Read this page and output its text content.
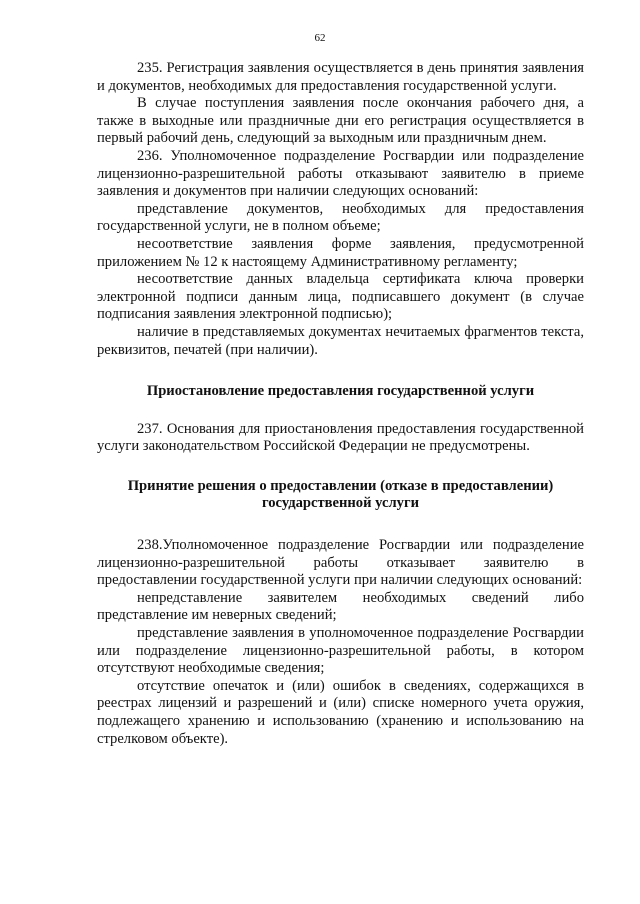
62

235. Регистрация заявления осуществляется в день принятия заявления и документов, необходимых для предоставления государственной услуги.

В случае поступления заявления после окончания рабочего дня, а также в выходные или праздничные дни его регистрация осуществляется в первый рабочий день, следующий за выходным или праздничным днем.

236. Уполномоченное подразделение Росгвардии или подразделение лицензионно-разрешительной работы отказывают заявителю в приеме заявления и документов при наличии следующих оснований:

представление документов, необходимых для предоставления государственной услуги, не в полном объеме;

несоответствие заявления форме заявления, предусмотренной приложением № 12 к настоящему Административному регламенту;

несоответствие данных владельца сертификата ключа проверки электронной подписи данным лица, подписавшего документ (в случае подписания заявления электронной подписью);

наличие в представляемых документах нечитаемых фрагментов текста, реквизитов, печатей (при наличии).

Приостановление предоставления государственной услуги

237. Основания для приостановления предоставления государственной услуги законодательством Российской Федерации не предусмотрены.

Принятие решения о предоставлении (отказе в предоставлении) государственной услуги

238.Уполномоченное подразделение Росгвардии или подразделение лицензионно-разрешительной работы отказывает заявителю в предоставлении государственной услуги при наличии следующих оснований:

непредставление заявителем необходимых сведений либо представление им неверных сведений;

представление заявления в уполномоченное подразделение Росгвардии или подразделение лицензионно-разрешительной работы, в котором отсутствуют необходимые сведения;

отсутствие опечаток и (или) ошибок в сведениях, содержащихся в реестрах лицензий и разрешений и (или) списке номерного учета оружия, подлежащего хранению и использованию (хранению и использованию на стрелковом объекте).
